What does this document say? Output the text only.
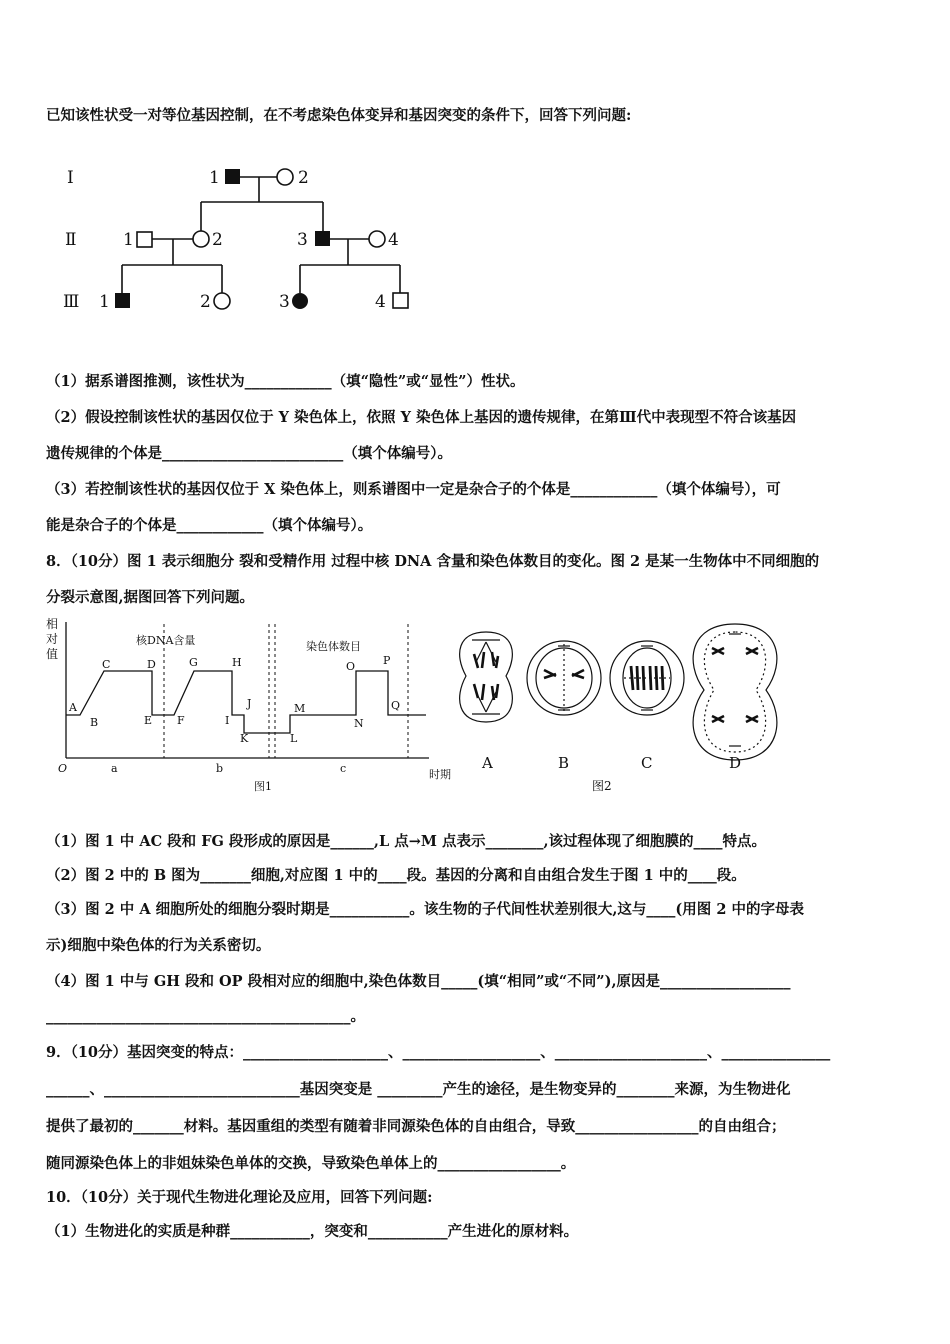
已知该性状受一对等位基因控制，在不考虑染色体变异和基因突变的条件下，回答下列问题:
Ⅰ
Ⅱ
Ⅲ
1	2
1	2	3	4
1	2	3	4
（1）据系谱图推测，该性状为____________（填“隐性”或“显性”）性状。
（2）假设控制该性状的基因仅位于 Y 染色体上，依照 Y 染色体上基因的遗传规律，在第Ⅲ代中表现型不符合该基因
遗传规律的个体是_________________________（填个体编号）。
（3）若控制该性状的基因仅位于 X 染色体上，则系谱图中一定是杂合子的个体是____________（填个体编号），可
能是杂合子的个体是____________（填个体编号）。
8．（10分）图 1 表示细胞分 裂和受精作用 过程中核 DNA 含量和染色体数目的变化。图 2 是某一生物体中不同细胞的
分裂示意图,据图回答下列问题。
相
对
值
核DNA含量	染色体数目
A
B
C	D
E F
G	H
I
J
K	L
M
N
O	P
Q
O	a	b	c	时期
图1
A	B	C	D
图2
（1）图 1 中 AC 段和 FG 段形成的原因是______,L 点→M 点表示________,该过程体现了细胞膜的____特点。
（2）图 2 中的 B 图为_______细胞,对应图 1 中的____段。基因的分离和自由组合发生于图 1 中的____段。
（3）图 2 中 A 细胞所处的细胞分裂时期是___________。该生物的子代间性状差别很大,这与____(用图 2 中的字母表
示)细胞中染色体的行为关系密切。
（4）图 1 中与 GH 段和 OP 段相对应的细胞中,染色体数目_____(填“相同”或“不同”),原因是__________________
__________________________________________。
9．（10分）基因突变的特点：____________________、___________________、_____________________、_______________
______、___________________________基因突变是 _________产生的途径，是生物变异的________来源，为生物进化
提供了最初的_______材料。基因重组的类型有随着非同源染色体的自由组合，导致_________________的自由组合；
随同源染色体上的非姐妹染色单体的交换，导致染色单体上的_________________。
10．（10分）关于现代生物进化理论及应用，回答下列问题:
（1）生物进化的实质是种群___________，突变和___________产生进化的原材料。
